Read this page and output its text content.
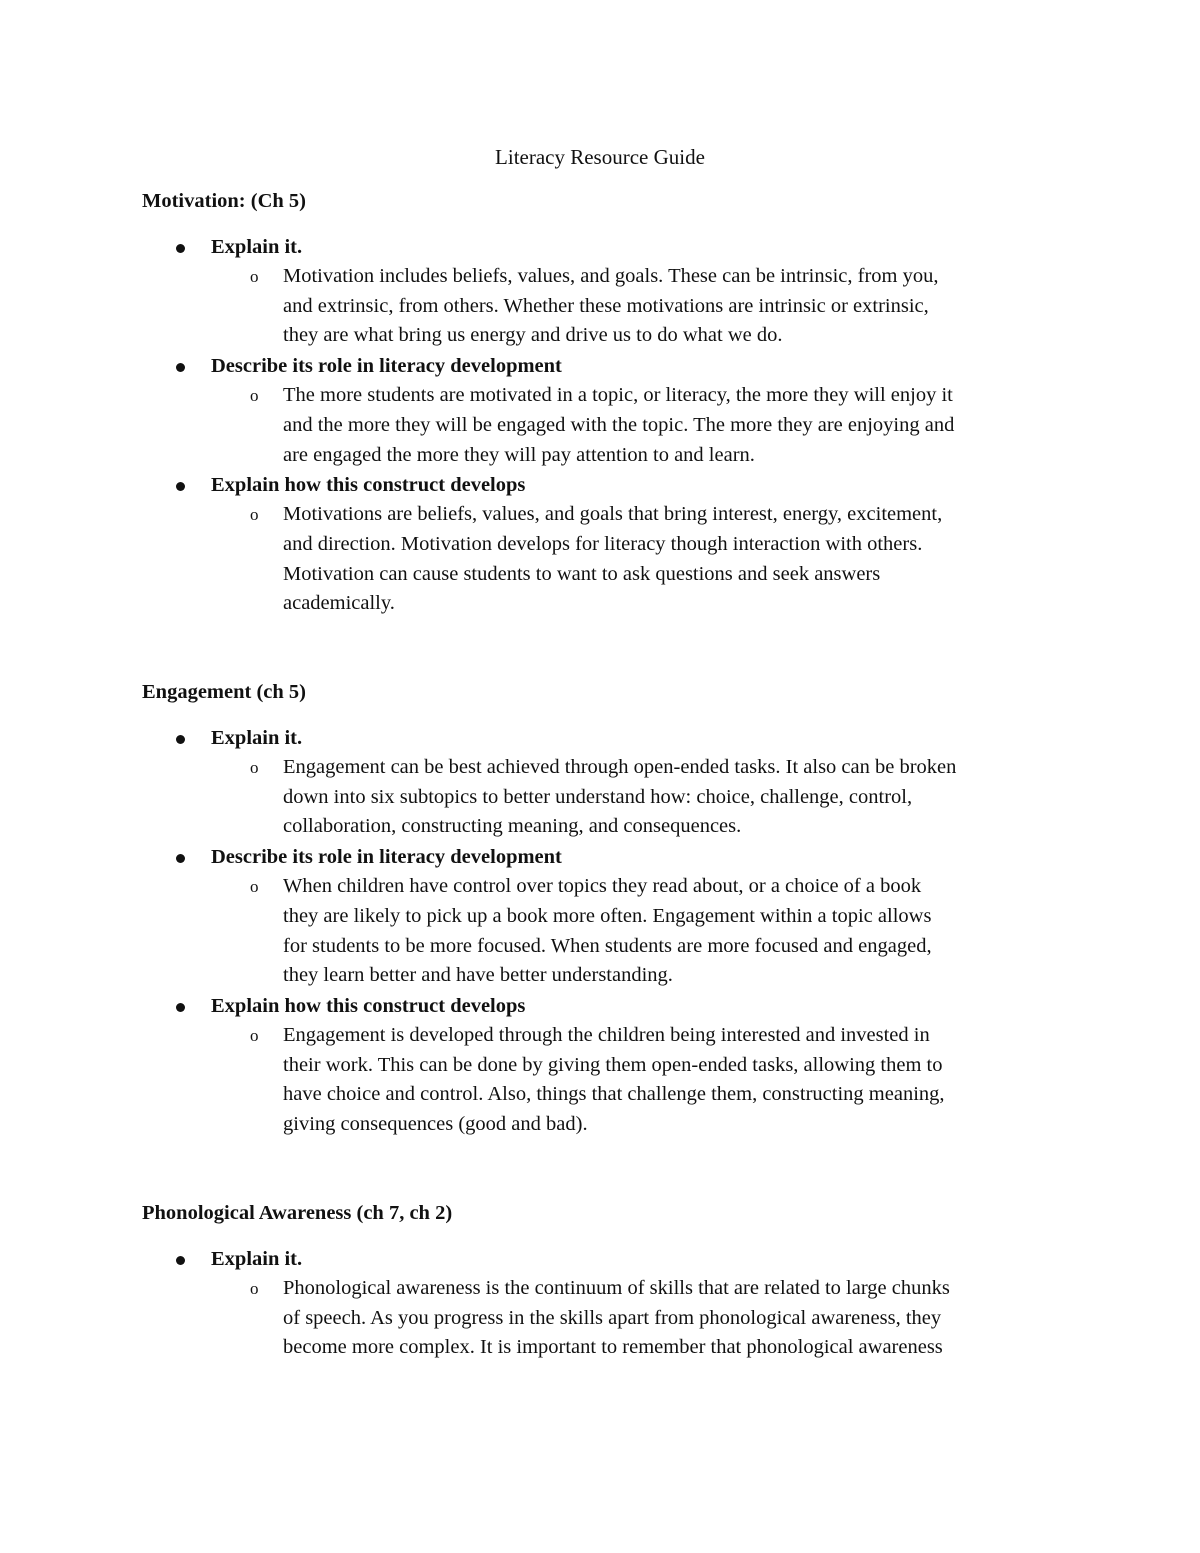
Literacy Resource Guide

Motivation: (Ch 5)

Explain it.
o Motivation includes beliefs, values, and goals. These can be intrinsic, from you,
and extrinsic, from others. Whether these motivations are intrinsic or extrinsic,
they are what bring us energy and drive us to do what we do.
Describe its role in literacy development
o The more students are motivated in a topic, or literacy, the more they will enjoy it
and the more they will be engaged with the topic. The more they are enjoying and
are engaged the more they will pay attention to and learn.
Explain how this construct develops
o Motivations are beliefs, values, and goals that bring interest, energy, excitement,
and direction. Motivation develops for literacy though interaction with others.
Motivation can cause students to want to ask questions and seek answers
academically.

Engagement (ch 5)

Explain it.
o Engagement can be best achieved through open-ended tasks. It also can be broken
down into six subtopics to better understand how: choice, challenge, control,
collaboration, constructing meaning, and consequences.
Describe its role in literacy development
o When children have control over topics they read about, or a choice of a book
they are likely to pick up a book more often. Engagement within a topic allows
for students to be more focused. When students are more focused and engaged,
they learn better and have better understanding.
Explain how this construct develops
o Engagement is developed through the children being interested and invested in
their work. This can be done by giving them open-ended tasks, allowing them to
have choice and control. Also, things that challenge them, constructing meaning,
giving consequences (good and bad).

Phonological Awareness (ch 7, ch 2)

Explain it.
o Phonological awareness is the continuum of skills that are related to large chunks
of speech. As you progress in the skills apart from phonological awareness, they
become more complex. It is important to remember that phonological awareness
